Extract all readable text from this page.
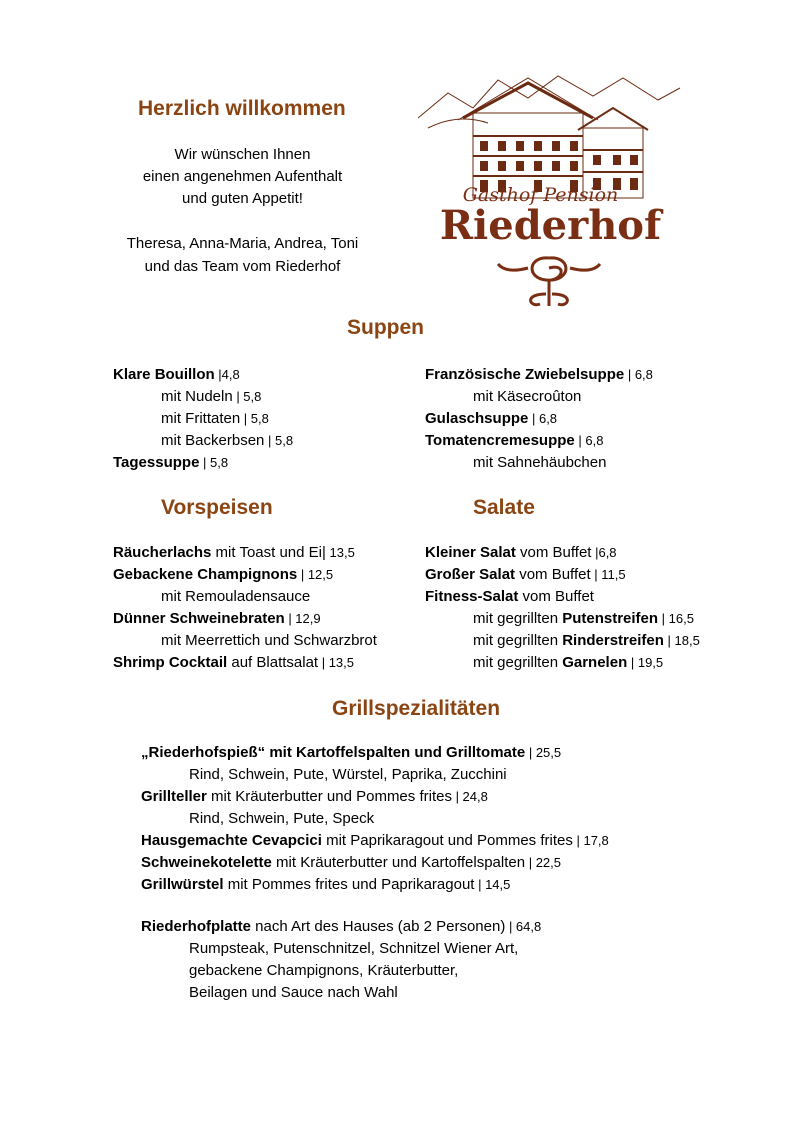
Herzlich willkommen
Wir wünschen Ihnen
einen angenehmen Aufenthalt
und guten Appetit!
Theresa, Anna-Maria, Andrea, Toni
und das Team vom Riederhof
Gasthof Pension
Riederhof
Suppen
Klare Bouillon |4,8
mit Nudeln | 5,8
mit Frittaten | 5,8
mit Backerbsen | 5,8
Tagessuppe | 5,8
Französische Zwiebelsuppe | 6,8
mit Käsecroûton
Gulaschsuppe | 6,8
Tomatencremesuppe | 6,8
mit Sahnehäubchen
Vorspeisen
Räucherlachs mit Toast und Ei| 13,5
Gebackene Champignons | 12,5
mit Remouladensauce
Dünner Schweinebraten | 12,9
mit Meerrettich und Schwarzbrot
Shrimp Cocktail auf Blattsalat | 13,5
Salate
Kleiner Salat vom Buffet |6,8
Großer Salat vom Buffet | 11,5
Fitness-Salat vom Buffet
mit gegrillten Putenstreifen | 16,5
mit gegrillten Rinderstreifen | 18,5
mit gegrillten Garnelen | 19,5
Grillspezialitäten
„Riederhofspieß“ mit Kartoffelspalten und Grilltomate | 25,5
Rind, Schwein, Pute, Würstel, Paprika, Zucchini
Grillteller mit Kräuterbutter und Pommes frites | 24,8
Rind, Schwein, Pute, Speck
Hausgemachte Cevapcici mit Paprikaragout und Pommes frites | 17,8
Schweinekotelette mit Kräuterbutter und Kartoffelspalten | 22,5
Grillwürstel mit Pommes frites und Paprikaragout | 14,5
Riederhofplatte nach Art des Hauses (ab 2 Personen) | 64,8
Rumpsteak, Putenschnitzel, Schnitzel Wiener Art,
gebackene Champignons, Kräuterbutter,
Beilagen und Sauce nach Wahl
